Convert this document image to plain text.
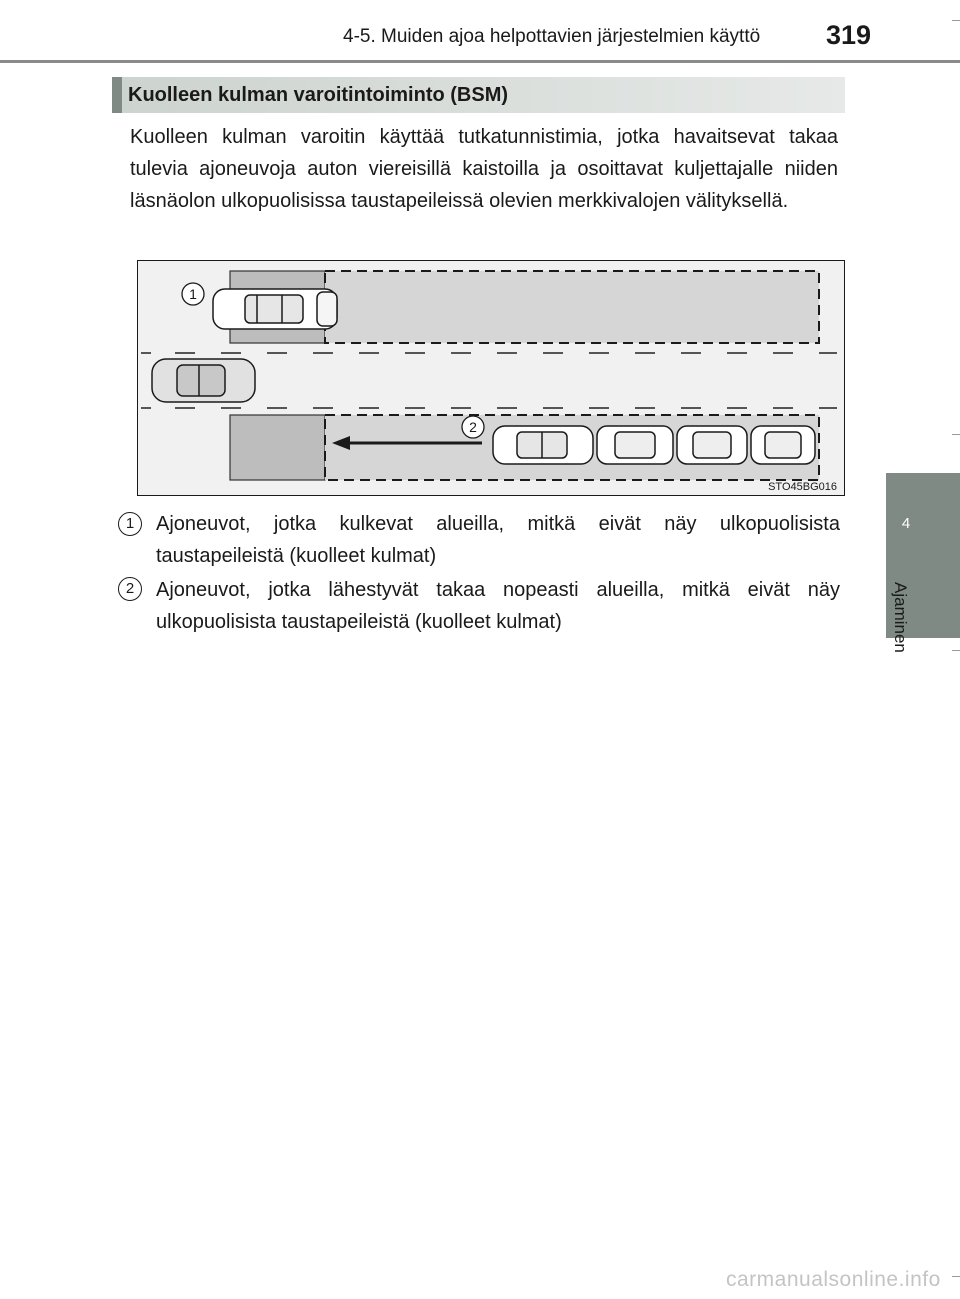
4-5. Muiden ajoa helpottavien järjestelmien käyttö 319
4
Ajaminen
Kuolleen kulman varoitintoiminto (BSM)
Kuolleen kulman varoitin käyttää tutkatunnistimia, jotka havaitsevat takaa tulevia ajoneuvoja auton viereisillä kaistoilla ja osoittavat kuljettajalle niiden läsnäolon ulkopuolisissa taustapeileissä olevien merkkivalojen välityksellä.
1
2
STO45BG016
1	Ajoneuvot, jotka kulkevat alueilla, mitkä eivät näy ulkopuolisista taustapeileistä (kuolleet kulmat)
2	Ajoneuvot, jotka lähestyvät takaa nopeasti alueilla, mitkä eivät näy ulkopuolisista taustapeileistä (kuolleet kulmat)
carmanualsonline.info
